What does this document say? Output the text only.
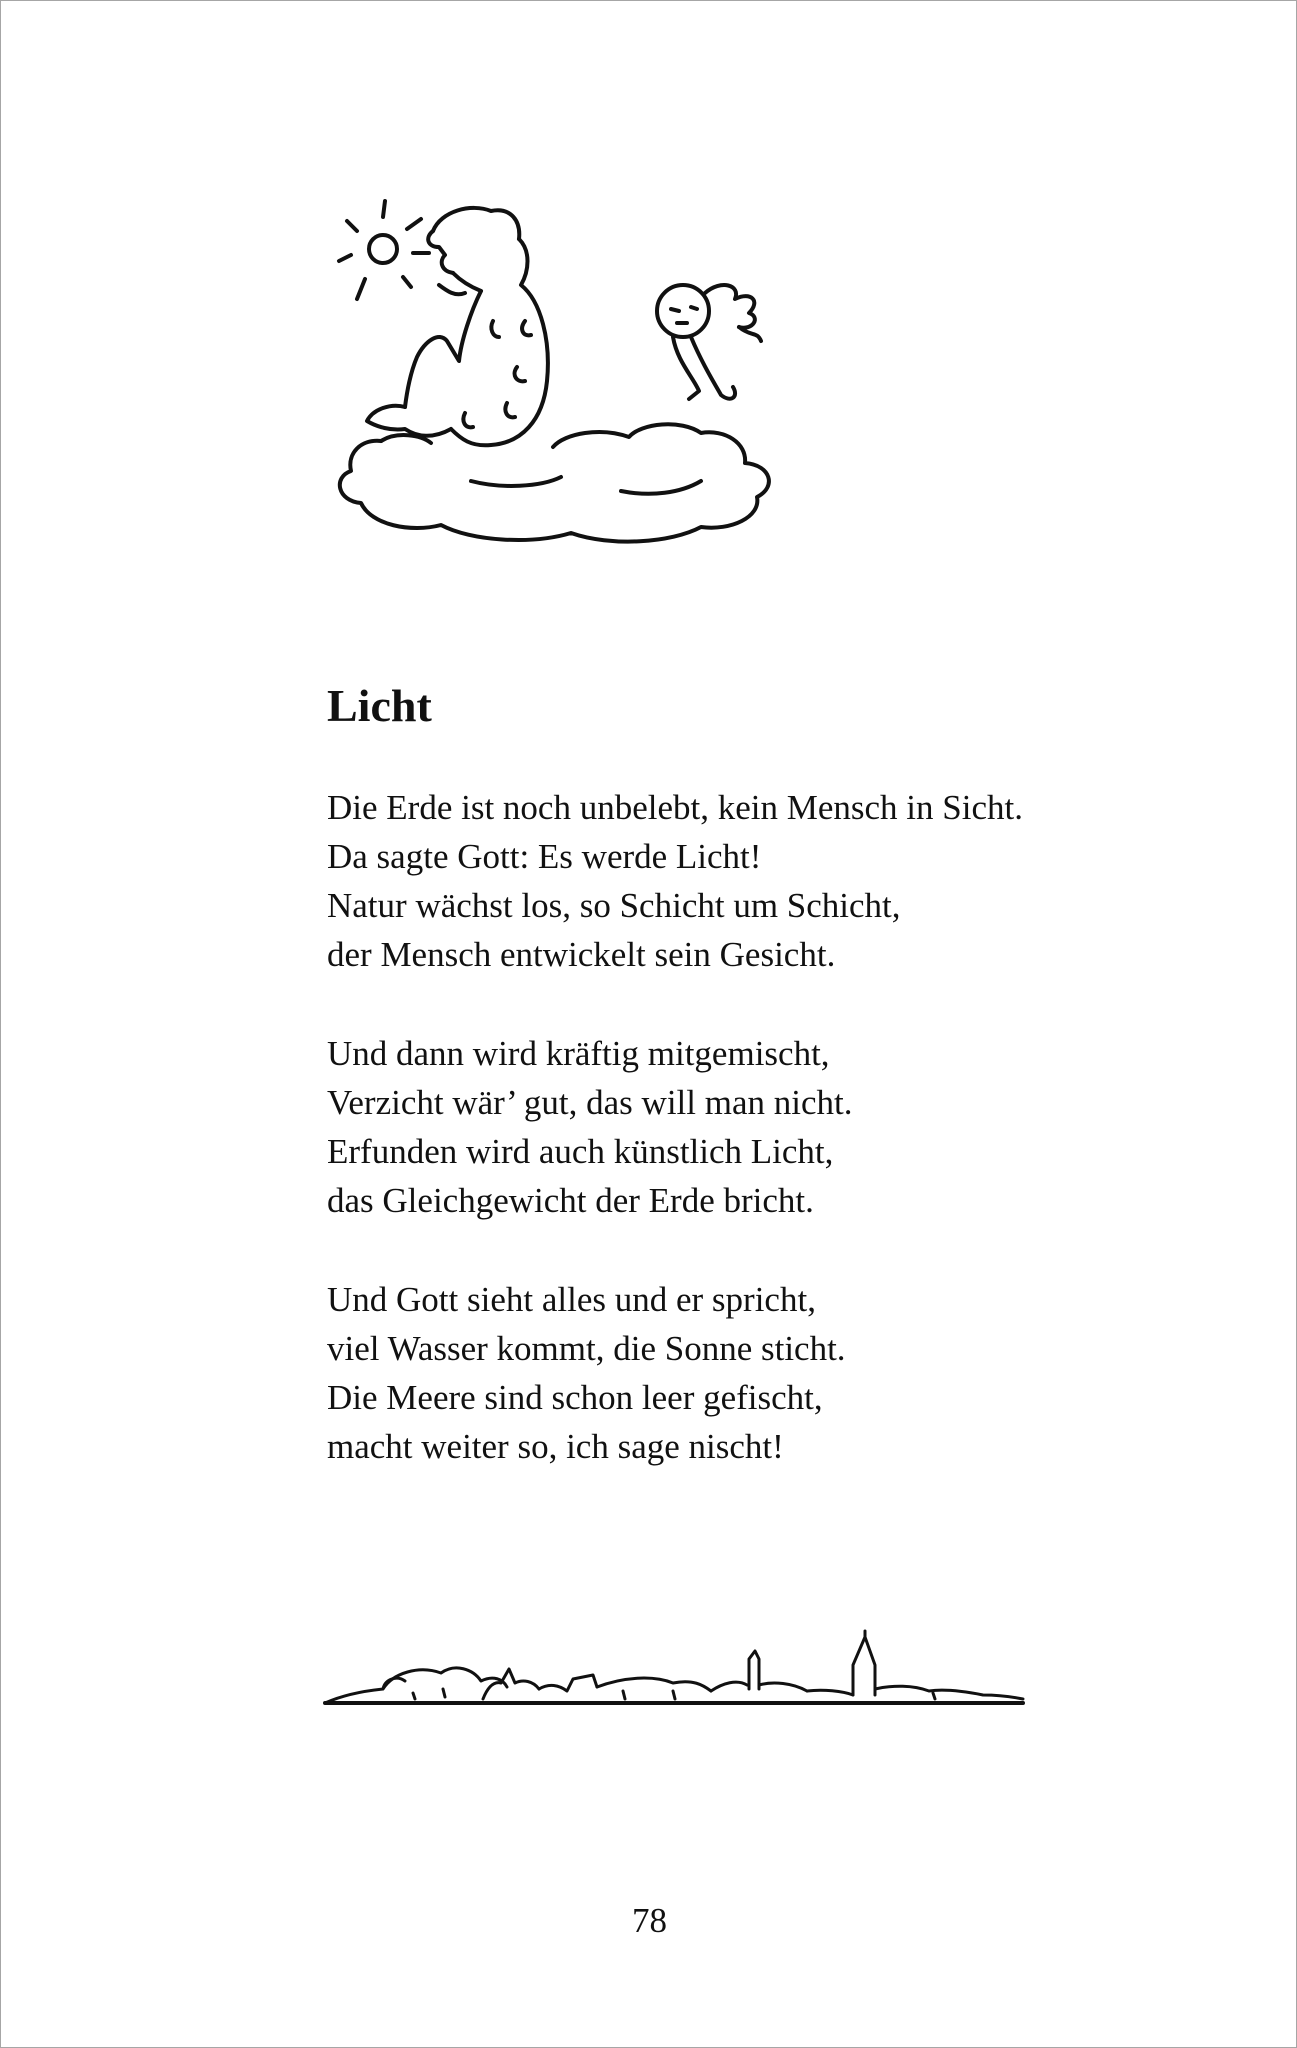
Licht
Die Erde ist noch unbelebt, kein Mensch in Sicht.
Da sagte Gott: Es werde Licht!
Natur wächst los, so Schicht um Schicht,
der Mensch entwickelt sein Gesicht.
Und dann wird kräftig mitgemischt,
Verzicht wär’ gut, das will man nicht.
Erfunden wird auch künstlich Licht,
das Gleichgewicht der Erde bricht.
Und Gott sieht alles und er spricht,
viel Wasser kommt, die Sonne sticht.
Die Meere sind schon leer gefischt,
macht weiter so, ich sage nischt!
78
